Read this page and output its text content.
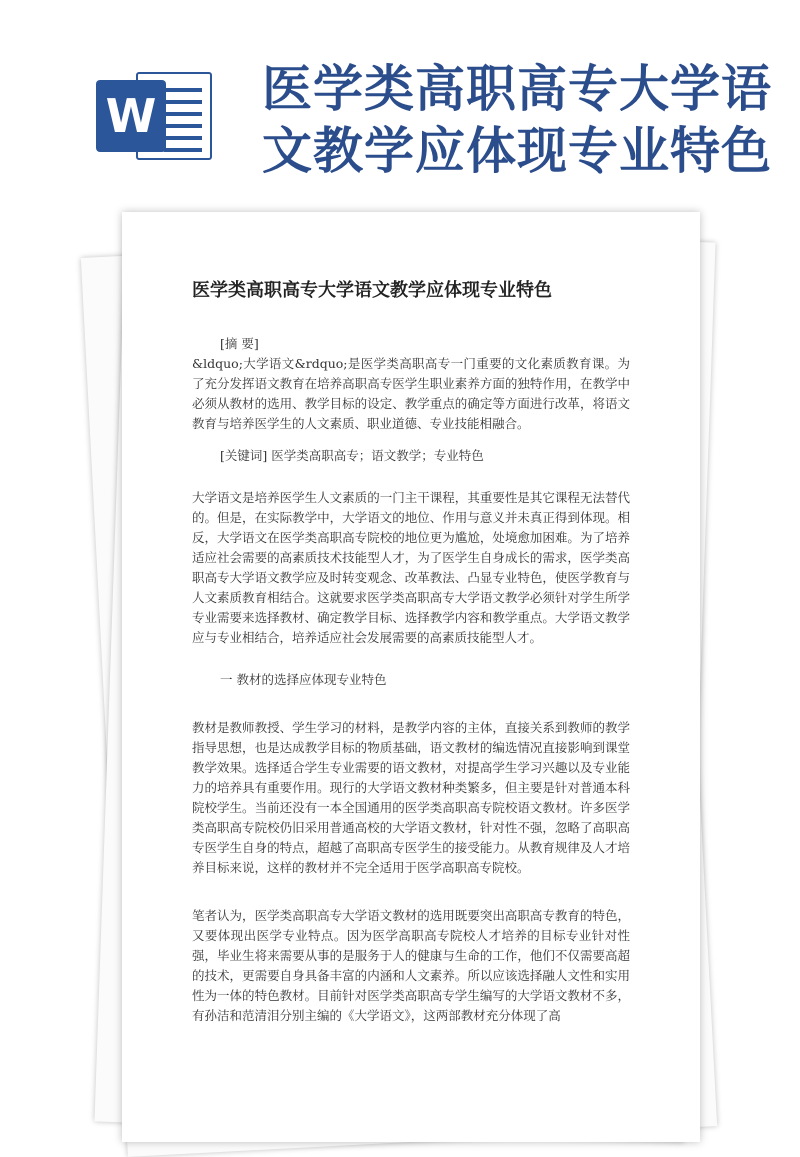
W 医学类高职高专大学语文教学应体现专业特色
医学类高职高专大学语文教学应体现专业特色

[摘 要]

&ldquo;大学语文&rdquo;是医学类高职高专一门重要的文化素质教育课。为了充分发挥语文教育在培养高职高专医学生职业素养方面的独特作用，在教学中必须从教材的选用、教学目标的设定、教学重点的确定等方面进行改革，将语文教育与培养医学生的人文素质、职业道德、专业技能相融合。

[关键词] 医学类高职高专；语文教学；专业特色

大学语文是培养医学生人文素质的一门主干课程，其重要性是其它课程无法替代的。但是，在实际教学中，大学语文的地位、作用与意义并未真正得到体现。相反，大学语文在医学类高职高专院校的地位更为尴尬，处境愈加困难。为了培养适应社会需要的高素质技术技能型人才，为了医学生自身成长的需求，医学类高职高专大学语文教学应及时转变观念、改革教法、凸显专业特色，使医学教育与人文素质教育相结合。这就要求医学类高职高专大学语文教学必须针对学生所学专业需要来选择教材、确定教学目标、选择教学内容和教学重点。大学语文教学应与专业相结合，培养适应社会发展需要的高素质技能型人才。

一 教材的选择应体现专业特色

教材是教师教授、学生学习的材料，是教学内容的主体，直接关系到教师的教学指导思想，也是达成教学目标的物质基础，语文教材的编选情况直接影响到课堂教学效果。选择适合学生专业需要的语文教材，对提高学生学习兴趣以及专业能力的培养具有重要作用。现行的大学语文教材种类繁多，但主要是针对普通本科院校学生。当前还没有一本全国通用的医学类高职高专院校语文教材。许多医学类高职高专院校仍旧采用普通高校的大学语文教材，针对性不强，忽略了高职高专医学生自身的特点，超越了高职高专医学生的接受能力。从教育规律及人才培养目标来说，这样的教材并不完全适用于医学高职高专院校。

笔者认为，医学类高职高专大学语文教材的选用既要突出高职高专教育的特色，又要体现出医学专业特点。因为医学高职高专院校人才培养的目标专业针对性强，毕业生将来需要从事的是服务于人的健康与生命的工作，他们不仅需要高超的技术，更需要自身具备丰富的内涵和人文素养。所以应该选择融人文性和实用性为一体的特色教材。目前针对医学类高职高专学生编写的大学语文教材不多，有孙洁和范清泪分别主编的《大学语文》，这两部教材充分体现了高
